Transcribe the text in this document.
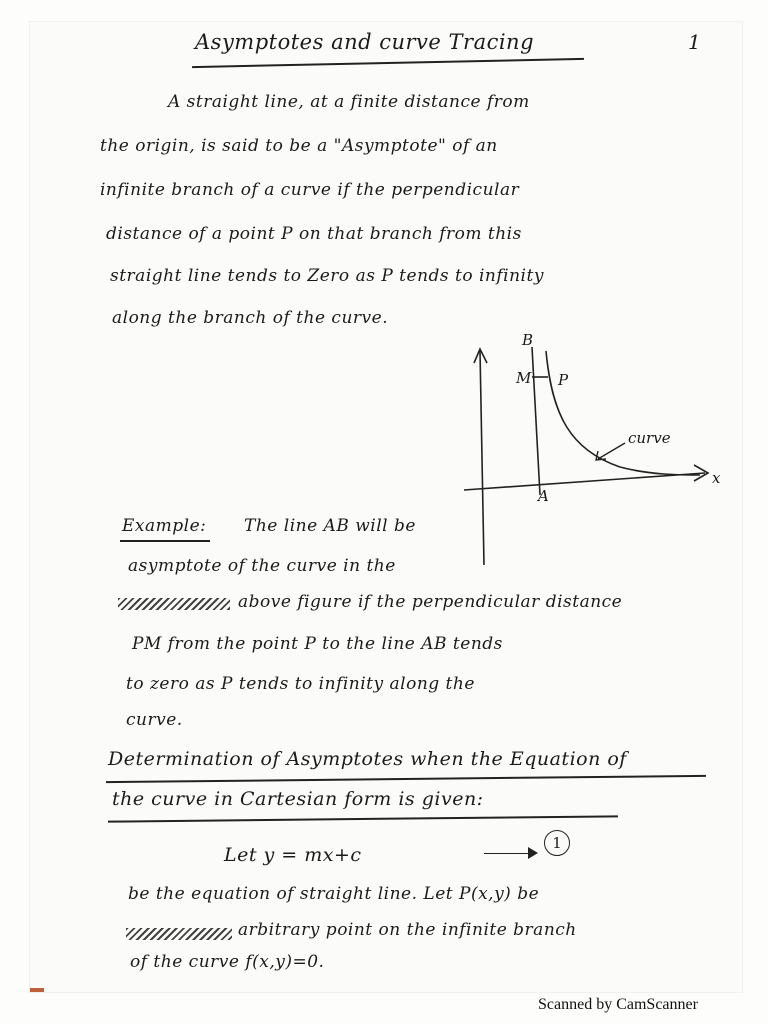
Asymptotes and curve Tracing	1
A straight line, at a finite distance from
the origin, is said to be a "Asymptote" of an
infinite branch of a curve if the perpendicular
distance of a point P on that branch from this
straight line tends to Zero as P tends to infinity
along the branch of the curve.
B
M P
curve
x
A
Example: The line AB will be
asymptote of the curve in the
above figure if the perpendicular distance
PM from the point P to the line AB tends
to zero as P tends to infinity along the
curve.
Determination of Asymptotes when the Equation of
the curve in Cartesian form is given:
Let y = mx+c
1
be the equation of straight line. Let P(x,y) be
arbitrary point on the infinite branch
of the curve f(x,y)=0.
Scanned by CamScanner
